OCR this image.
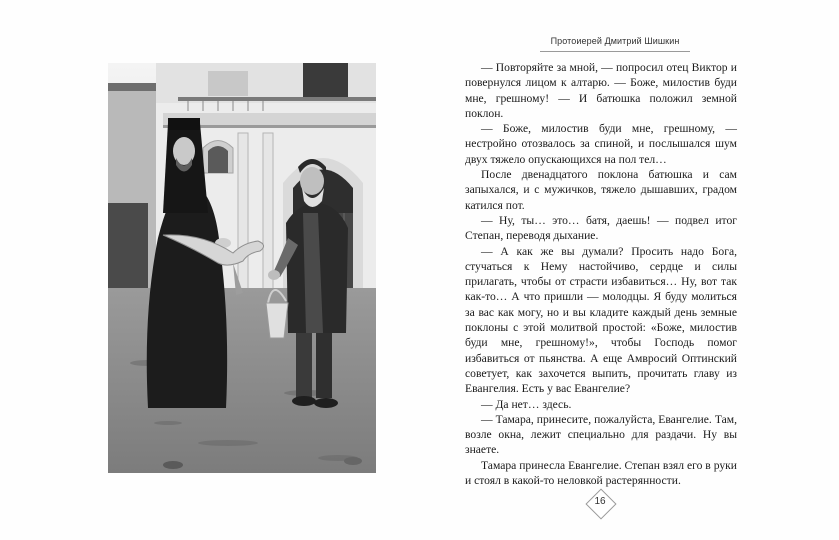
Протоиерей Дмитрий Шишкин

— Повторяйте за мной, — попросил отец Виктор и повернулся лицом к алтарю. — Боже, милостив буди мне, грешному! — И батюшка положил земной поклон.

— Боже, милостив буди мне, грешному, — нестройно отозвалось за спиной, и послышался шум двух тяжело опускающихся на пол тел…

После двенадцатого поклона батюшка и сам запыхался, и с мужичков, тяжело дышавших, градом катился пот.

— Ну, ты… это… батя, даешь! — подвел итог Степан, переводя дыхание.

— А как же вы думали? Просить надо Бога, стучаться к Нему настойчиво, сердце и силы прилагать, чтобы от страсти избавиться… Ну, вот так как-то… А что пришли — молодцы. Я буду молиться за вас как могу, но и вы кладите каждый день земные поклоны с этой молитвой простой: «Боже, милостив буди мне, грешному!», чтобы Господь помог избавиться от пьянства. А еще Амвросий Оптинский советует, как захочется выпить, прочитать главу из Евангелия. Есть у вас Евангелие?

— Да нет… здесь.

— Тамара, принесите, пожалуйста, Евангелие. Там, возле окна, лежит специально для раздачи. Ну вы знаете.

Тамара принесла Евангелие. Степан взял его в руки и стоял в какой-то неловкой растерянности.

16
